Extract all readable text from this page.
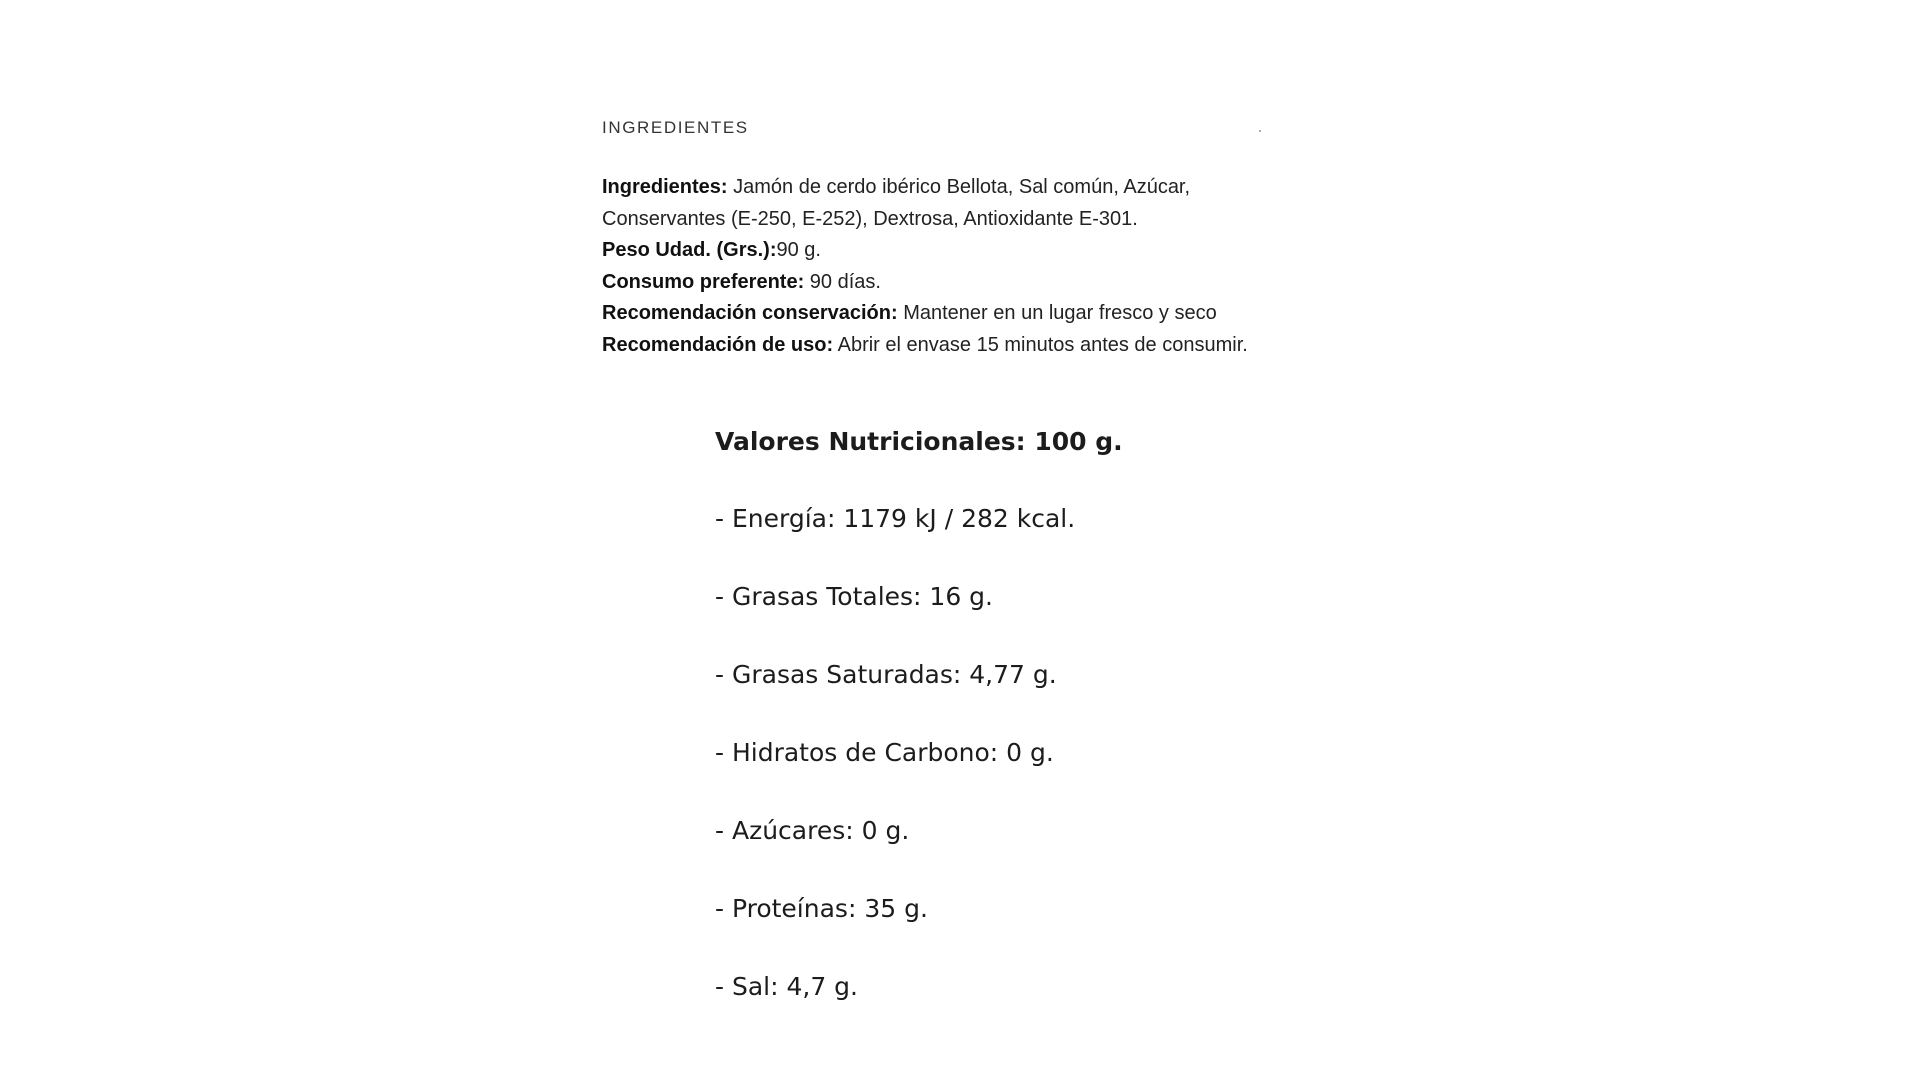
INGREDIENTES

Ingredientes: Jamón de cerdo ibérico Bellota, Sal común, Azúcar, Conservantes (E-250, E-252), Dextrosa, Antioxidante E-301.

Peso Udad. (Grs.):90 g.

Consumo preferente: 90 días.

Recomendación conservación: Mantener en un lugar fresco y seco

Recomendación de uso: Abrir el envase 15 minutos antes de consumir.

Valores Nutricionales: 100 g.
- Energía: 1179 kJ / 282 kcal.
- Grasas Totales: 16 g.
- Grasas Saturadas: 4,77 g.
- Hidratos de Carbono: 0 g.
- Azúcares: 0 g.
- Proteínas: 35 g.
- Sal: 4,7 g.
